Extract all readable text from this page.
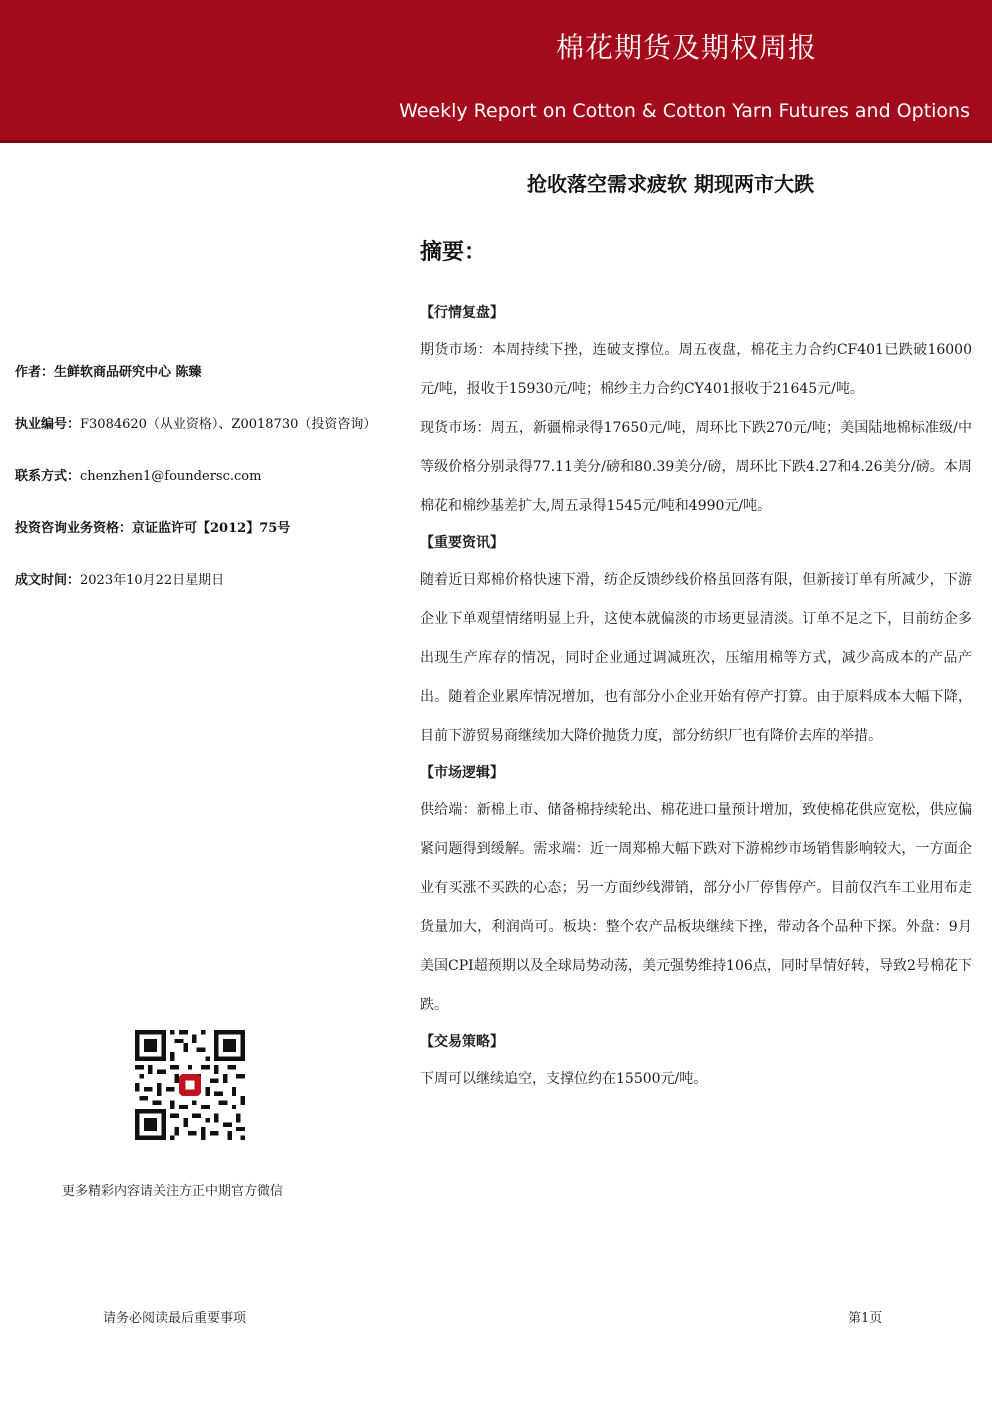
棉花期货及期权周报
Weekly Report on Cotton & Cotton Yarn Futures and Options
抢收落空需求疲软 期现两市大跌
摘要：
【行情复盘】
期货市场：本周持续下挫，连破支撑位。周五夜盘，棉花主力合约CF401已跌破16000元/吨，报收于15930元/吨；棉纱主力合约CY401报收于21645元/吨。
现货市场：周五，新疆棉录得17650元/吨，周环比下跌270元/吨；美国陆地棉标准级/中等级价格分别录得77.11美分/磅和80.39美分/磅，周环比下跌4.27和4.26美分/磅。本周棉花和棉纱基差扩大,周五录得1545元/吨和4990元/吨。
【重要资讯】
随着近日郑棉价格快速下滑，纺企反馈纱线价格虽回落有限，但新接订单有所减少，下游企业下单观望情绪明显上升，这使本就偏淡的市场更显清淡。订单不足之下，目前纺企多出现生产库存的情况，同时企业通过调减班次，压缩用棉等方式，减少高成本的产品产出。随着企业累库情况增加，也有部分小企业开始有停产打算。由于原料成本大幅下降，目前下游贸易商继续加大降价抛货力度，部分纺织厂也有降价去库的举措。
【市场逻辑】
供给端：新棉上市、储备棉持续轮出、棉花进口量预计增加，致使棉花供应宽松，供应偏紧问题得到缓解。需求端：近一周郑棉大幅下跌对下游棉纱市场销售影响较大，一方面企业有买涨不买跌的心态；另一方面纱线滞销，部分小厂停售停产。目前仅汽车工业用布走货量加大，利润尚可。板块：整个农产品板块继续下挫，带动各个品种下探。外盘：9月美国CPI超预期以及全球局势动荡，美元强势维持106点，同时旱情好转，导致2号棉花下跌。
【交易策略】
下周可以继续追空，支撑位约在15500元/吨。
作者：生鲜软商品研究中心 陈臻
执业编号：F3084620（从业资格）、Z0018730（投资咨询）
联系方式：chenzhen1@foundersc.com
投资咨询业务资格：京证监许可【2012】75号
成文时间：2023年10月22日星期日
更多精彩内容请关注方正中期官方微信
请务必阅读最后重要事项	第1页
